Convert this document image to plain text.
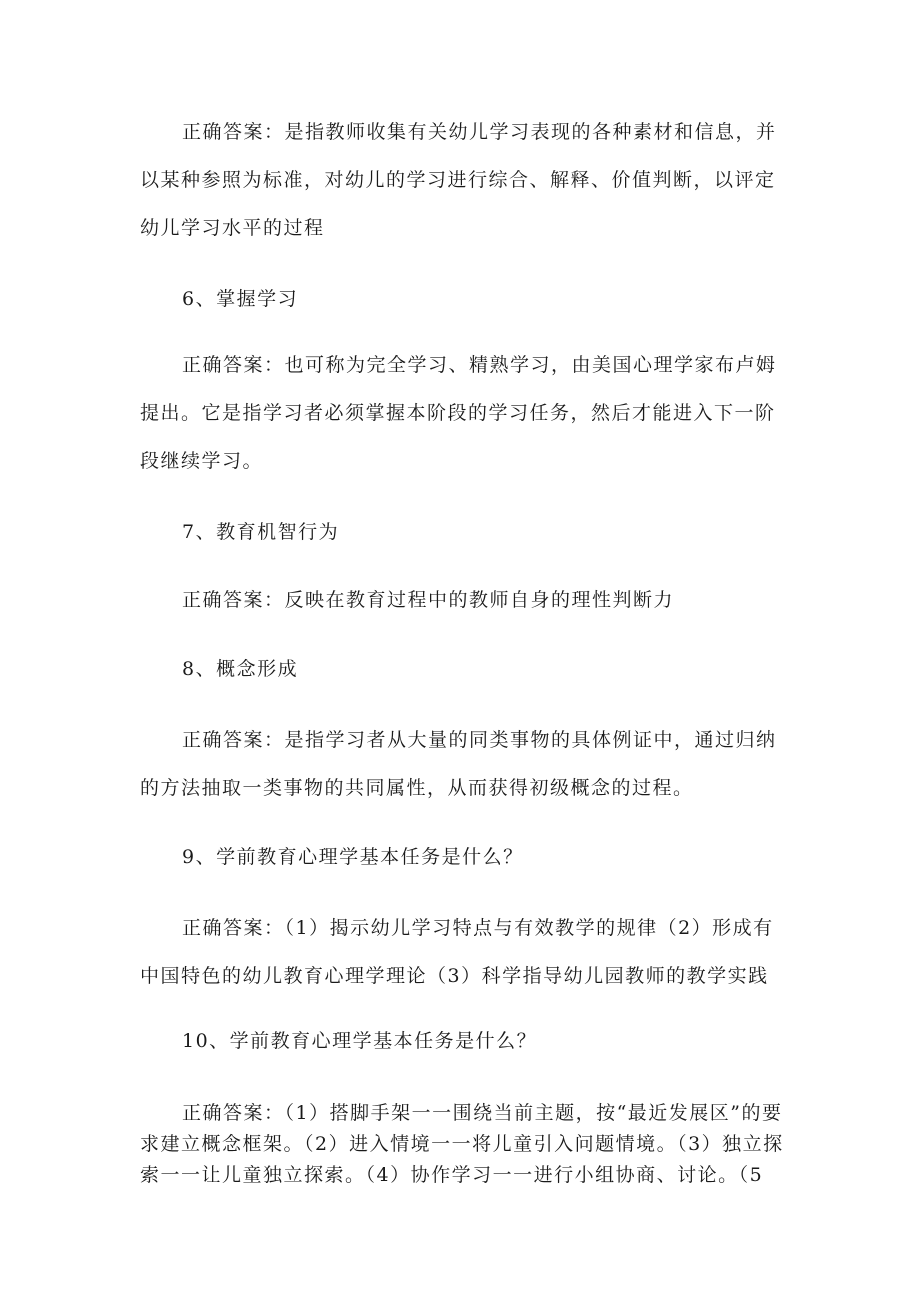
正确答案：是指教师收集有关幼儿学习表现的各种素材和信息，并以某种参照为标准，对幼儿的学习进行综合、解释、价值判断，以评定幼儿学习水平的过程

6、掌握学习

正确答案：也可称为完全学习、精熟学习，由美国心理学家布卢姆提出。它是指学习者必须掌握本阶段的学习任务，然后才能进入下一阶段继续学习。

7、教育机智行为

正确答案：反映在教育过程中的教师自身的理性判断力

8、概念形成

正确答案：是指学习者从大量的同类事物的具体例证中，通过归纳的方法抽取一类事物的共同属性，从而获得初级概念的过程。

9、学前教育心理学基本任务是什么？

正确答案：（1）揭示幼儿学习特点与有效教学的规律（2）形成有中国特色的幼儿教育心理学理论（3）科学指导幼儿园教师的教学实践

10、学前教育心理学基本任务是什么？

正确答案：（1）搭脚手架一一围绕当前主题，按“最近发展区”的要求建立概念框架。（2）进入情境一一将儿童引入问题情境。（3）独立探索一一让儿童独立探索。（4）协作学习一一进行小组协商、讨论。（5
